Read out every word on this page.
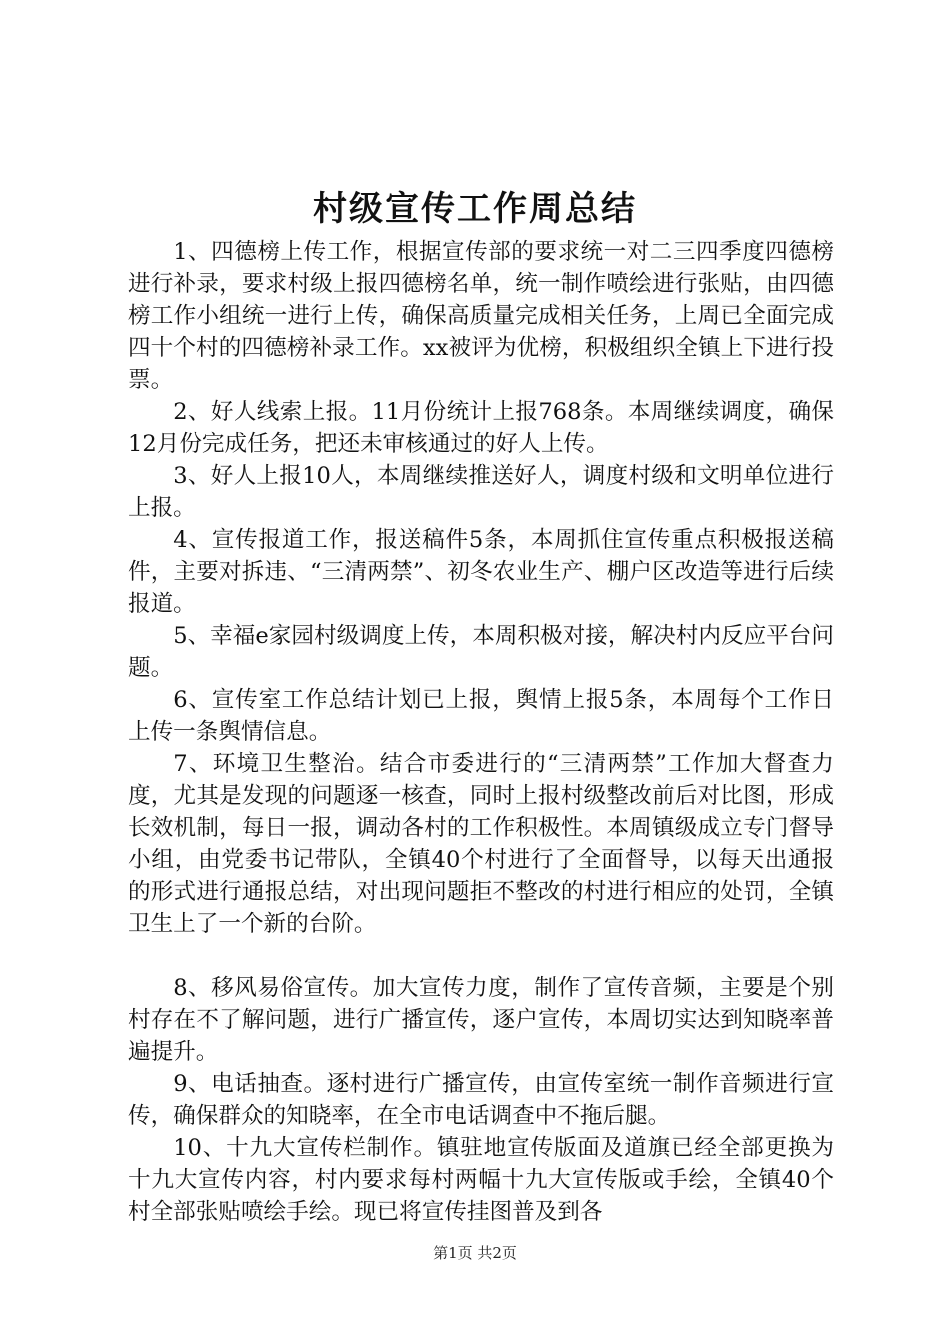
村级宣传工作周总结

1、四德榜上传工作，根据宣传部的要求统一对二三四季度四德榜进行补录，要求村级上报四德榜名单，统一制作喷绘进行张贴，由四德榜工作小组统一进行上传，确保高质量完成相关任务，上周已全面完成四十个村的四德榜补录工作。xx被评为优榜，积极组织全镇上下进行投票。

2、好人线索上报。11月份统计上报768条。本周继续调度，确保12月份完成任务，把还未审核通过的好人上传。

3、好人上报10人，本周继续推送好人，调度村级和文明单位进行上报。

4、宣传报道工作，报送稿件5条，本周抓住宣传重点积极报送稿件，主要对拆违、“三清两禁”、初冬农业生产、棚户区改造等进行后续报道。

5、幸福e家园村级调度上传，本周积极对接，解决村内反应平台问题。

6、宣传室工作总结计划已上报，舆情上报5条，本周每个工作日上传一条舆情信息。

7、环境卫生整治。结合市委进行的“三清两禁”工作加大督查力度，尤其是发现的问题逐一核查，同时上报村级整改前后对比图，形成长效机制，每日一报，调动各村的工作积极性。本周镇级成立专门督导小组，由党委书记带队，全镇40个村进行了全面督导，以每天出通报的形式进行通报总结，对出现问题拒不整改的村进行相应的处罚，全镇卫生上了一个新的台阶。

8、移风易俗宣传。加大宣传力度，制作了宣传音频，主要是个别村存在不了解问题，进行广播宣传，逐户宣传，本周切实达到知晓率普遍提升。

9、电话抽查。逐村进行广播宣传，由宣传室统一制作音频进行宣传，确保群众的知晓率，在全市电话调查中不拖后腿。

10、十九大宣传栏制作。镇驻地宣传版面及道旗已经全部更换为十九大宣传内容，村内要求每村两幅十九大宣传版或手绘，全镇40个村全部张贴喷绘手绘。现已将宣传挂图普及到各

第1页 共2页
